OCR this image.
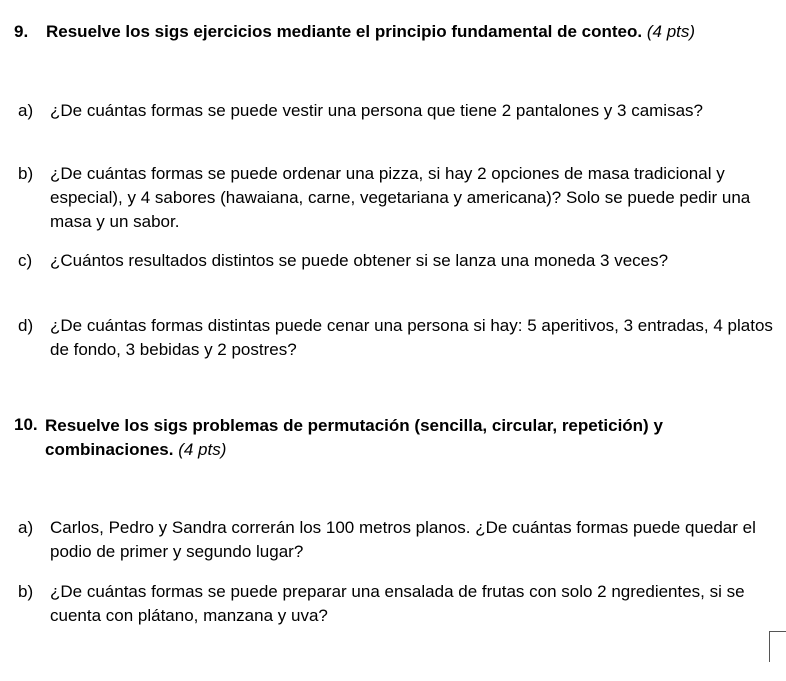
9. Resuelve los sigs ejercicios mediante el principio fundamental de conteo. (4 pts)
a) ¿De cuántas formas se puede vestir una persona que tiene 2 pantalones y 3 camisas?
b) ¿De cuántas formas se puede ordenar una pizza, si hay 2 opciones de masa tradicional y especial), y 4 sabores (hawaiana, carne, vegetariana y americana)? Solo se puede pedir una masa y un sabor.
c) ¿Cuántos resultados distintos se puede obtener si se lanza una moneda 3 veces?
d) ¿De cuántas formas distintas puede cenar una persona si hay: 5 aperitivos, 3 entradas, 4 platos de fondo, 3 bebidas y 2 postres?
10. Resuelve los sigs problemas de permutación (sencilla, circular, repetición) y combinaciones. (4 pts)
a) Carlos, Pedro y Sandra correrán los 100 metros planos. ¿De cuántas formas puede quedar el podio de primer y segundo lugar?
b) ¿De cuántas formas se puede preparar una ensalada de frutas con solo 2 ngredientes, si se cuenta con plátano, manzana y uva?
